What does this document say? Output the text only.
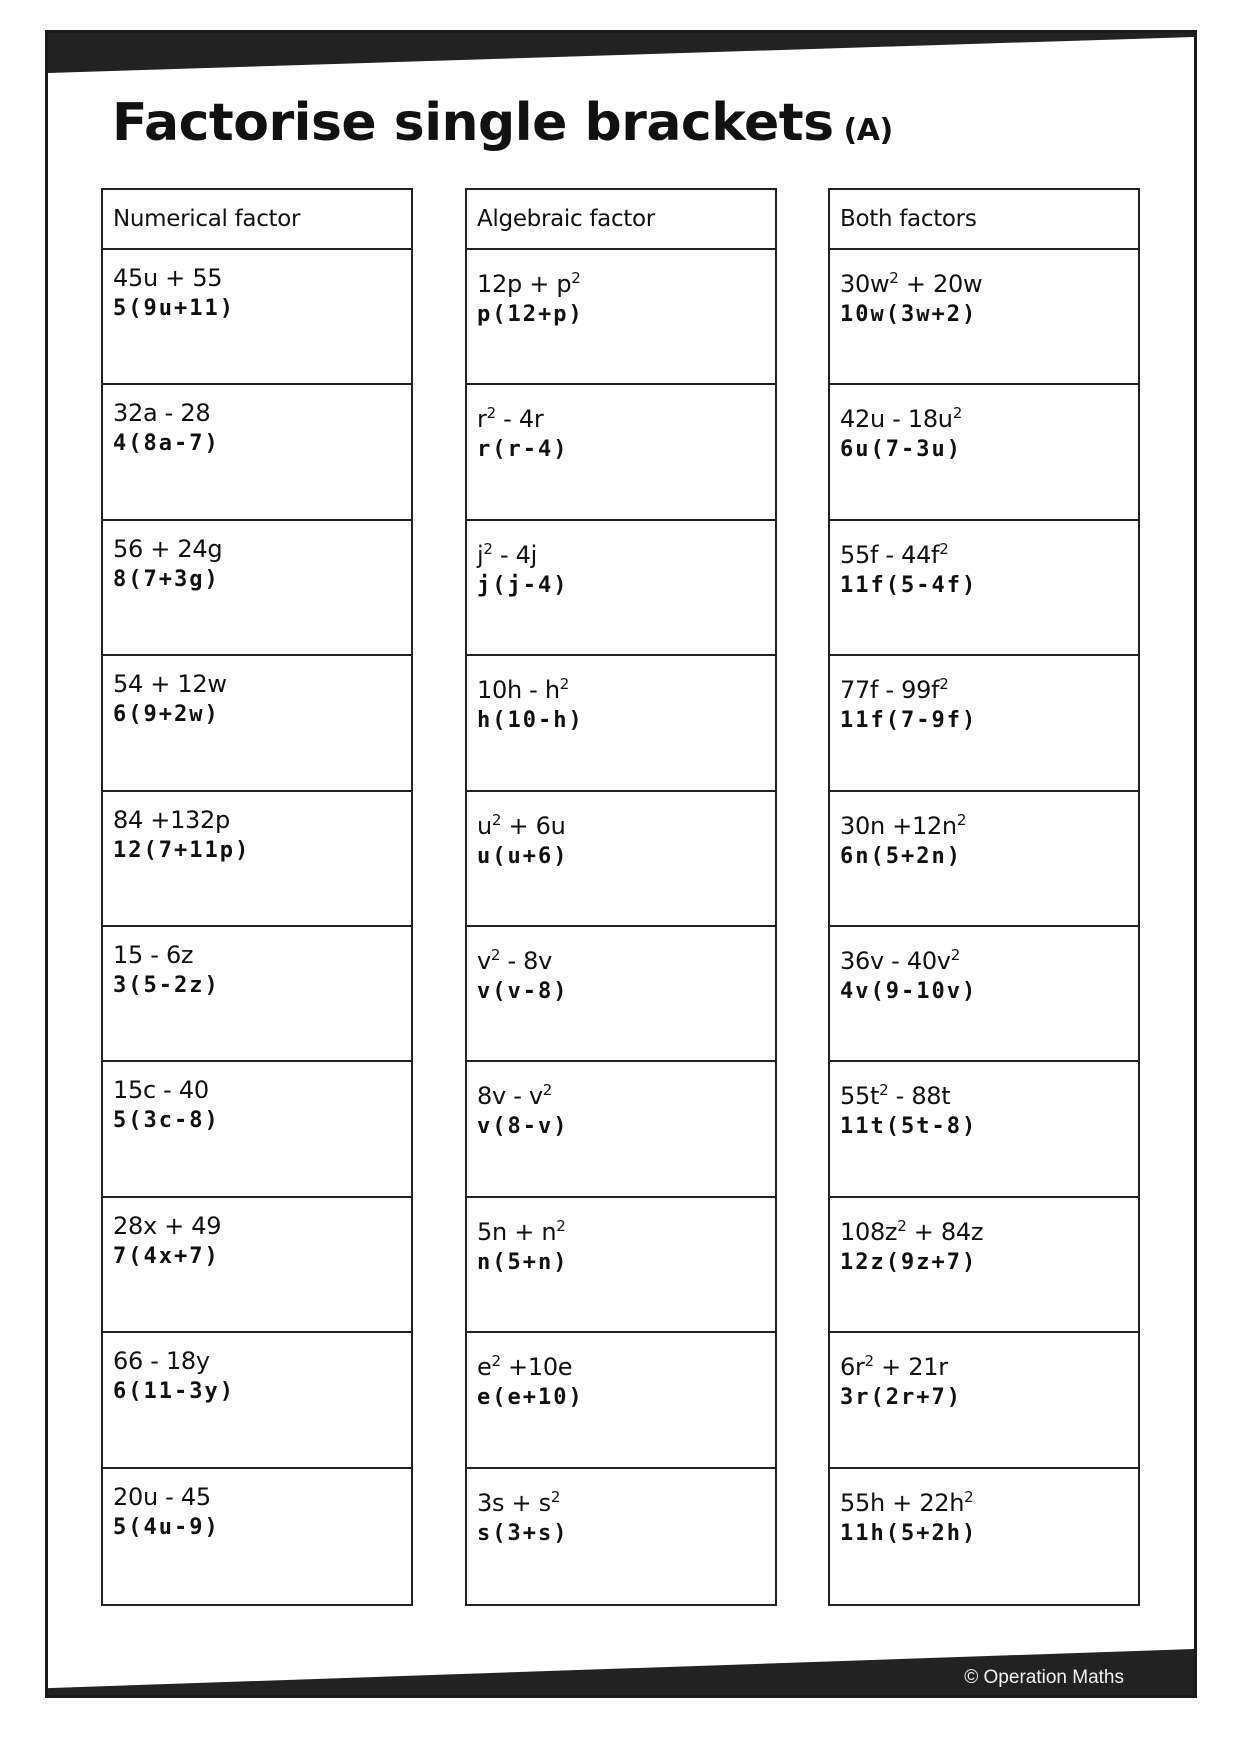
Factorise single brackets (A)
Numerical factor
45u + 55
5(9u+11)
32a - 28
4(8a-7)
56 + 24g
8(7+3g)
54 + 12w
6(9+2w)
84 +132p
12(7+11p)
15 - 6z
3(5-2z)
15c - 40
5(3c-8)
28x + 49
7(4x+7)
66 - 18y
6(11-3y)
20u - 45
5(4u-9)
Algebraic factor
$12p + p^2$
p(12+p)
$r^2 - 4r$
r(r-4)
$j^2 - 4j$
j(j-4)
$10h - h^2$
h(10-h)
$u^2 + 6u$
u(u+6)
$v^2 - 8v$
v(v-8)
$8v - v^2$
v(8-v)
$5n + n^2$
n(5+n)
$e^2 +10e$
e(e+10)
$3s + s^2$
s(3+s)
Both factors
$30w^2 + 20w$
10w(3w+2)
$42u - 18u^2$
6u(7-3u)
$55f - 44f^2$
11f(5-4f)
$77f - 99f^2$
11f(7-9f)
$30n +12n^2$
6n(5+2n)
$36v - 40v^2$
4v(9-10v)
$55t^2 - 88t$
11t(5t-8)
$108z^2 + 84z$
12z(9z+7)
$6r^2 + 21r$
3r(2r+7)
$55h + 22h^2$
11h(5+2h)
© Operation Maths
